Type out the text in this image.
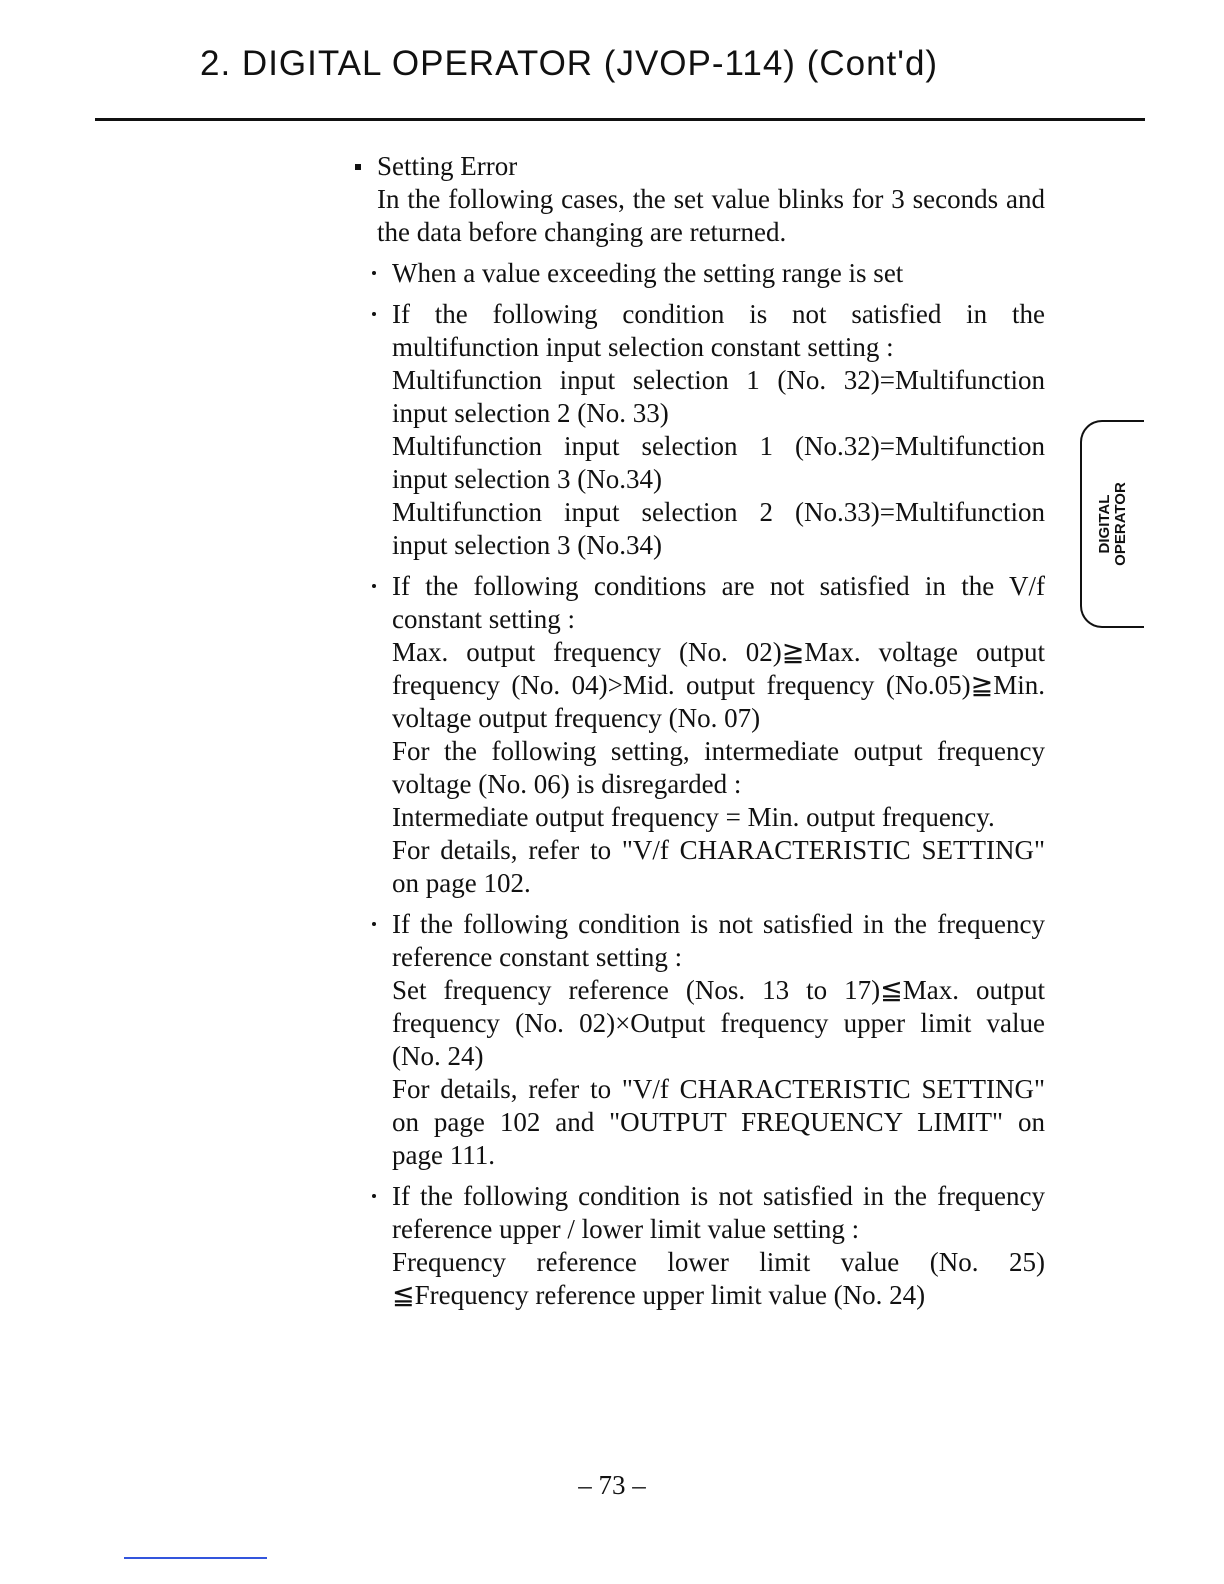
2. DIGITAL OPERATOR (JVOP-114) (Cont'd)
Setting Error
In the following cases, the set value blinks for 3 seconds and the data before changing are returned.

When a value exceeding the setting range is set

If the following condition is not satisfied in the multifunction input selection constant setting :

Multifunction input selection 1 (No. 32)=Multifunction input selection 2 (No. 33)

Multifunction input selection 1 (No.32)=Multifunction input selection 3 (No.34)

Multifunction input selection 2 (No.33)=Multifunction input selection 3 (No.34)

If the following conditions are not satisfied in the V/f constant setting :

Max. output frequency (No. 02)≧Max. voltage output frequency (No. 04)>Mid. output frequency (No.05)≧Min. voltage output frequency (No. 07)

For the following setting, intermediate output frequency voltage (No. 06) is disregarded :

Intermediate output frequency = Min. output frequency.

For details, refer to "V/f CHARACTERISTIC SETTING" on page 102.

If the following condition is not satisfied in the frequency reference constant setting :

Set frequency reference (Nos. 13 to 17)≦Max. output frequency (No. 02)×Output frequency upper limit value (No. 24)

For details, refer to "V/f CHARACTERISTIC SETTING" on page 102 and "OUTPUT FREQUENCY LIMIT" on page 111.

If the following condition is not satisfied in the frequency reference upper / lower limit value setting :

Frequency reference lower limit value (No. 25) ≦Frequency reference upper limit value (No. 24)

DIGITAL OPERATOR
– 73 –
